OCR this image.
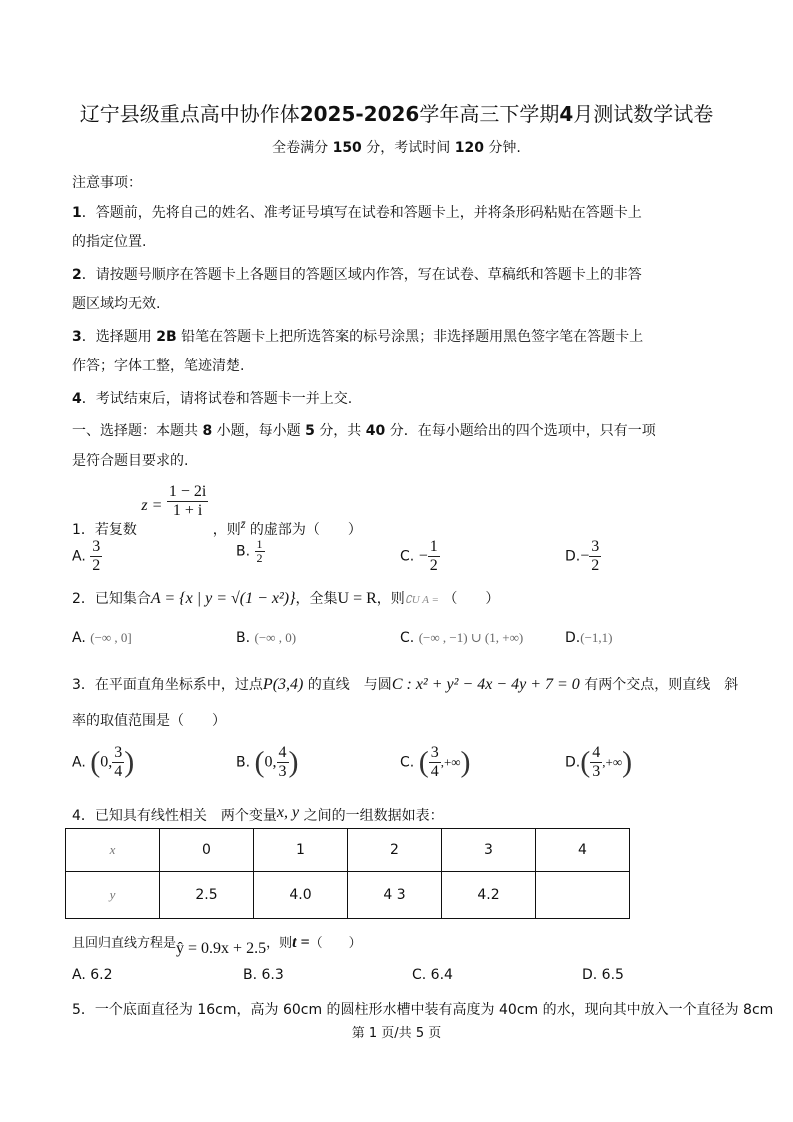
辽宁县级重点高中协作体2025-2026学年高三下学期4月测试数学试卷
全卷满分 150 分，考试时间 120 分钟.
注意事项：
1．答题前，先将自己的姓名、准考证号填写在试卷和答题卡上，并将条形码粘贴在答题卡上
的指定位置.
2．请按题号顺序在答题卡上各题目的答题区域内作答，写在试卷、草稿纸和答题卡上的非答
题区域均无效.
3．选择题用 2B 铅笔在答题卡上把所选答案的标号涂黑；非选择题用黑色签字笔在答题卡上
作答；字体工整，笔迹清楚.
4．考试结束后，请将试卷和答题卡一并上交.
一、选择题：本题共 8 小题，每小题 5 分，共 40 分．在每小题给出的四个选项中，只有一项
是符合题目要求的.
1．若复数 $z = \frac{1 - 2i}{1 + i}$
，则z̄ 的虚部为（　　）
A. $\frac{3}{2}$	B. $\frac{1}{2}$	C. − $\frac{1}{2}$	$D.- \frac{3}{2}$
2．已知集合A = {x | y = √(1 − x²)}，全集U = R，则∁U A = （　　）
A. (−∞ , 0]	B. (−∞ , 0)	C. (−∞ , −1) ∪ (1, +∞)	D.(−1,1)
3．在平面直角坐标系中，过点P(3,4) 的直线　与圆C : x² + y² − 4x − 4y + 7 = 0 有两个交点，则直线　斜
率的取值范围是（　　）
A. (0, $\frac{3}{4}$ )	B. (0, $\frac{4}{3}$ )	C. ( $\frac{3}{4}$ ,+∞)	$D.( \frac{4}{3}$ ,+∞)
4．已知具有线性相关　两个变量x, y 之间的一组数据如表：
x	0	1	2	3	4
y	2.5	4.0	4 3	4.2	
且回归直线方程是ŷ = 0.9x + 2.5，则t =（　　）
A. 6.2	B. 6.3	C. 6.4	D. 6.5
5．一个底面直径为 16cm，高为 60cm 的圆柱形水槽中装有高度为 40cm 的水，现向其中放入一个直径为 8cm
第 1 页/共 5 页
